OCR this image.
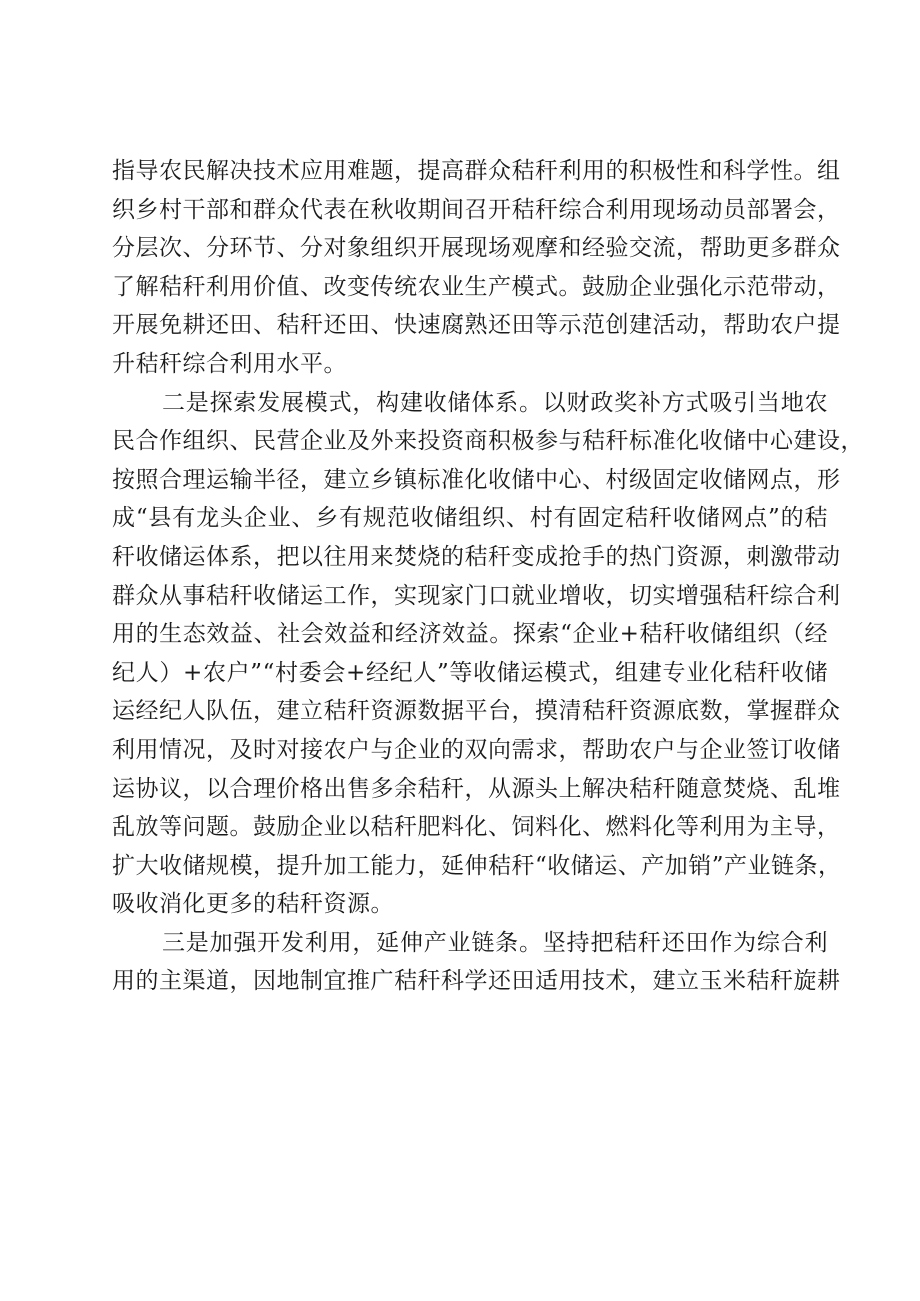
指导农民解决技术应用难题，提高群众秸秆利用的积极性和科学性。组
织乡村干部和群众代表在秋收期间召开秸秆综合利用现场动员部署会，
分层次、分环节、分对象组织开展现场观摩和经验交流，帮助更多群众
了解秸秆利用价值、改变传统农业生产模式。鼓励企业强化示范带动，
开展免耕还田、秸秆还田、快速腐熟还田等示范创建活动，帮助农户提
升秸秆综合利用水平。
二是探索发展模式，构建收储体系。以财政奖补方式吸引当地农
民合作组织、民营企业及外来投资商积极参与秸秆标准化收储中心建设，
按照合理运输半径，建立乡镇标准化收储中心、村级固定收储网点，形
成“县有龙头企业、乡有规范收储组织、村有固定秸秆收储网点”的秸
秆收储运体系，把以往用来焚烧的秸秆变成抢手的热门资源，刺激带动
群众从事秸秆收储运工作，实现家门口就业增收，切实增强秸秆综合利
用的生态效益、社会效益和经济效益。探索“企业+秸秆收储组织（经
纪人）+农户”“村委会+经纪人”等收储运模式，组建专业化秸秆收储
运经纪人队伍，建立秸秆资源数据平台，摸清秸秆资源底数，掌握群众
利用情况，及时对接农户与企业的双向需求，帮助农户与企业签订收储
运协议，以合理价格出售多余秸秆，从源头上解决秸秆随意焚烧、乱堆
乱放等问题。鼓励企业以秸秆肥料化、饲料化、燃料化等利用为主导，
扩大收储规模，提升加工能力，延伸秸秆“收储运、产加销”产业链条，
吸收消化更多的秸秆资源。
三是加强开发利用，延伸产业链条。坚持把秸秆还田作为综合利
用的主渠道，因地制宜推广秸秆科学还田适用技术，建立玉米秸秆旋耕
